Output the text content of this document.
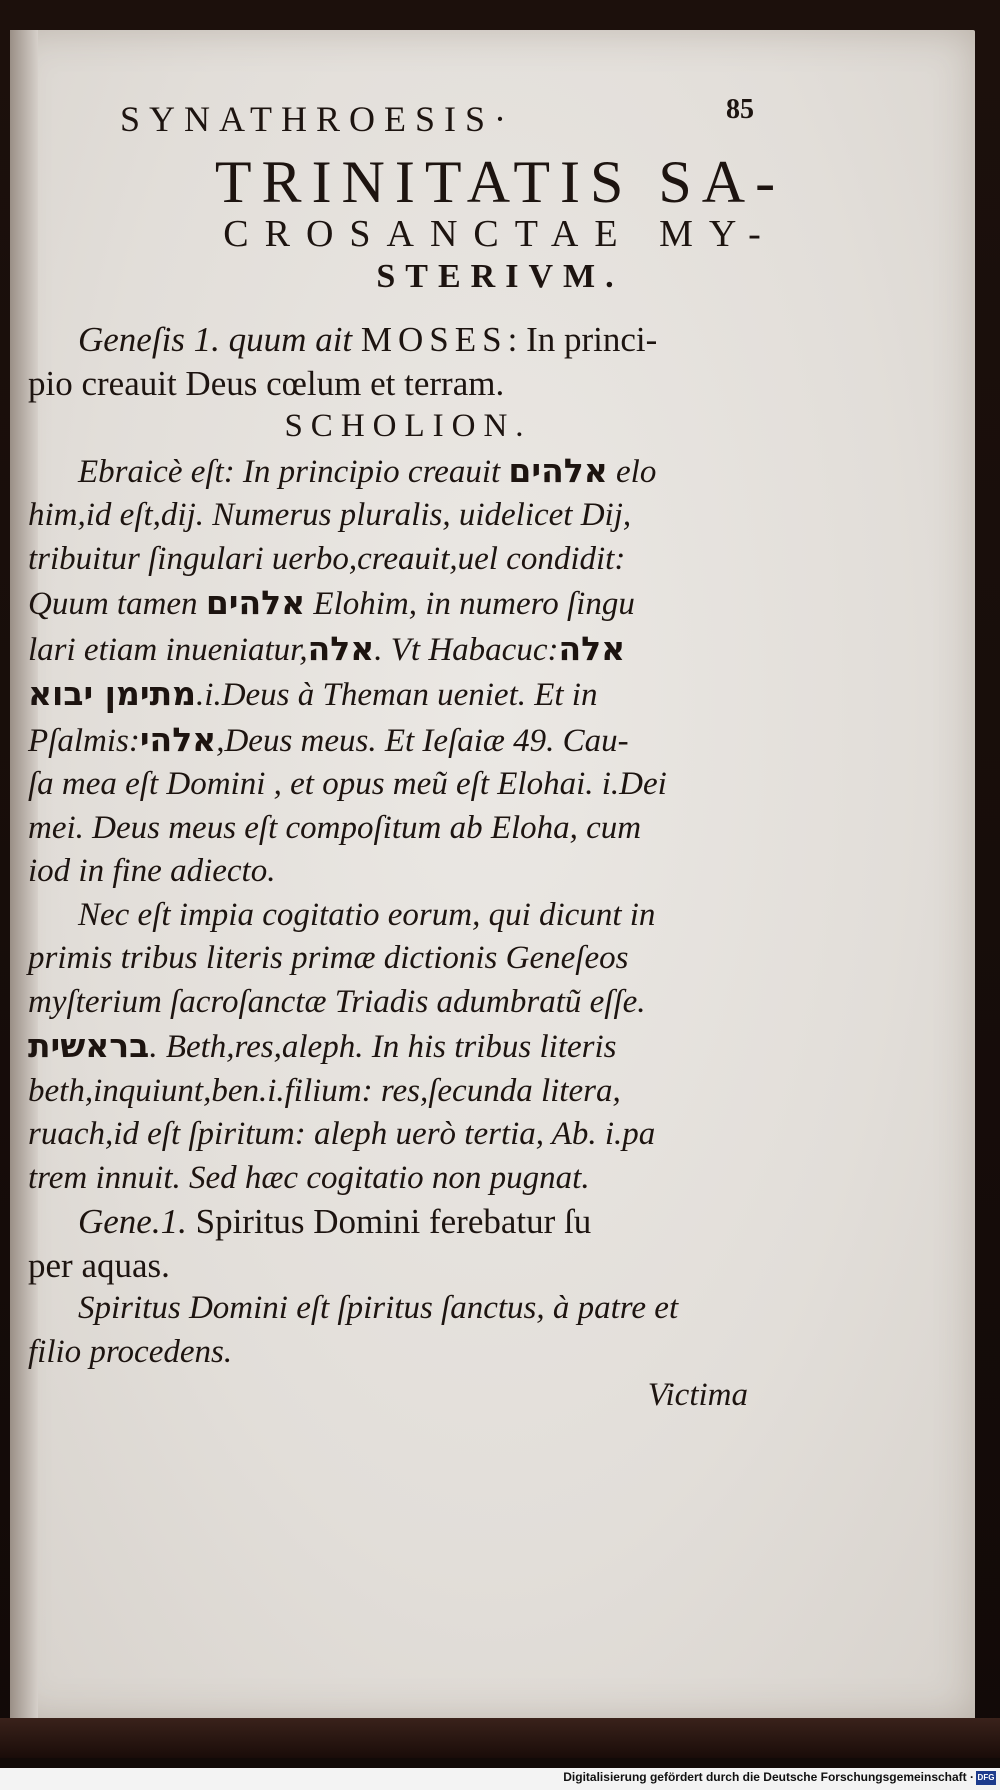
SYNATHROESIS·	85
TRINITATIS SA-
CROSANCTAE MY-
STERIVM.

Geneſis 1. quum ait MOSES: In princi-
pio creauit Deus cœlum et terram.

SCHOLION.

Ebraicè eſt: In principio creauit אלהים elo
him,id eſt,dij. Numerus pluralis, uidelicet Dij,
tribuitur ſingulari uerbo,creauit,uel condidit:
Quum tamen אלהים Elohim, in numero ſingu
lari etiam inueniatur,אלה. Vt Habacuc:אלה
מתימן יבוא.i.Deus à Theman ueniet. Et in
Pſalmis:אלהי,Deus meus. Et Ieſaiæ 49. Cau-
ſa mea eſt Domini , et opus meũ eſt Elohai. i.Dei
mei. Deus meus eſt compoſitum ab Eloha, cum
iod in fine adiecto.

Nec eſt impia cogitatio eorum, qui dicunt in
primis tribus literis primæ dictionis Geneſeos
myſterium ſacroſanctæ Triadis adumbratũ eſſe.
בראשית. Beth,res,aleph. In his tribus literis
beth,inquiunt,ben.i.filium: res,ſecunda litera,
ruach,id eſt ſpiritum: aleph uerò tertia, Ab. i.pa
trem innuit. Sed hæc cogitatio non pugnat.

Gene.1. Spiritus Domini ferebatur ſu
per aquas.

Spiritus Domini eſt ſpiritus ſanctus, à patre et
filio procedens.

Victima

Digitalisierung gefördert durch die Deutsche Forschungsgemeinschaft · DFG
